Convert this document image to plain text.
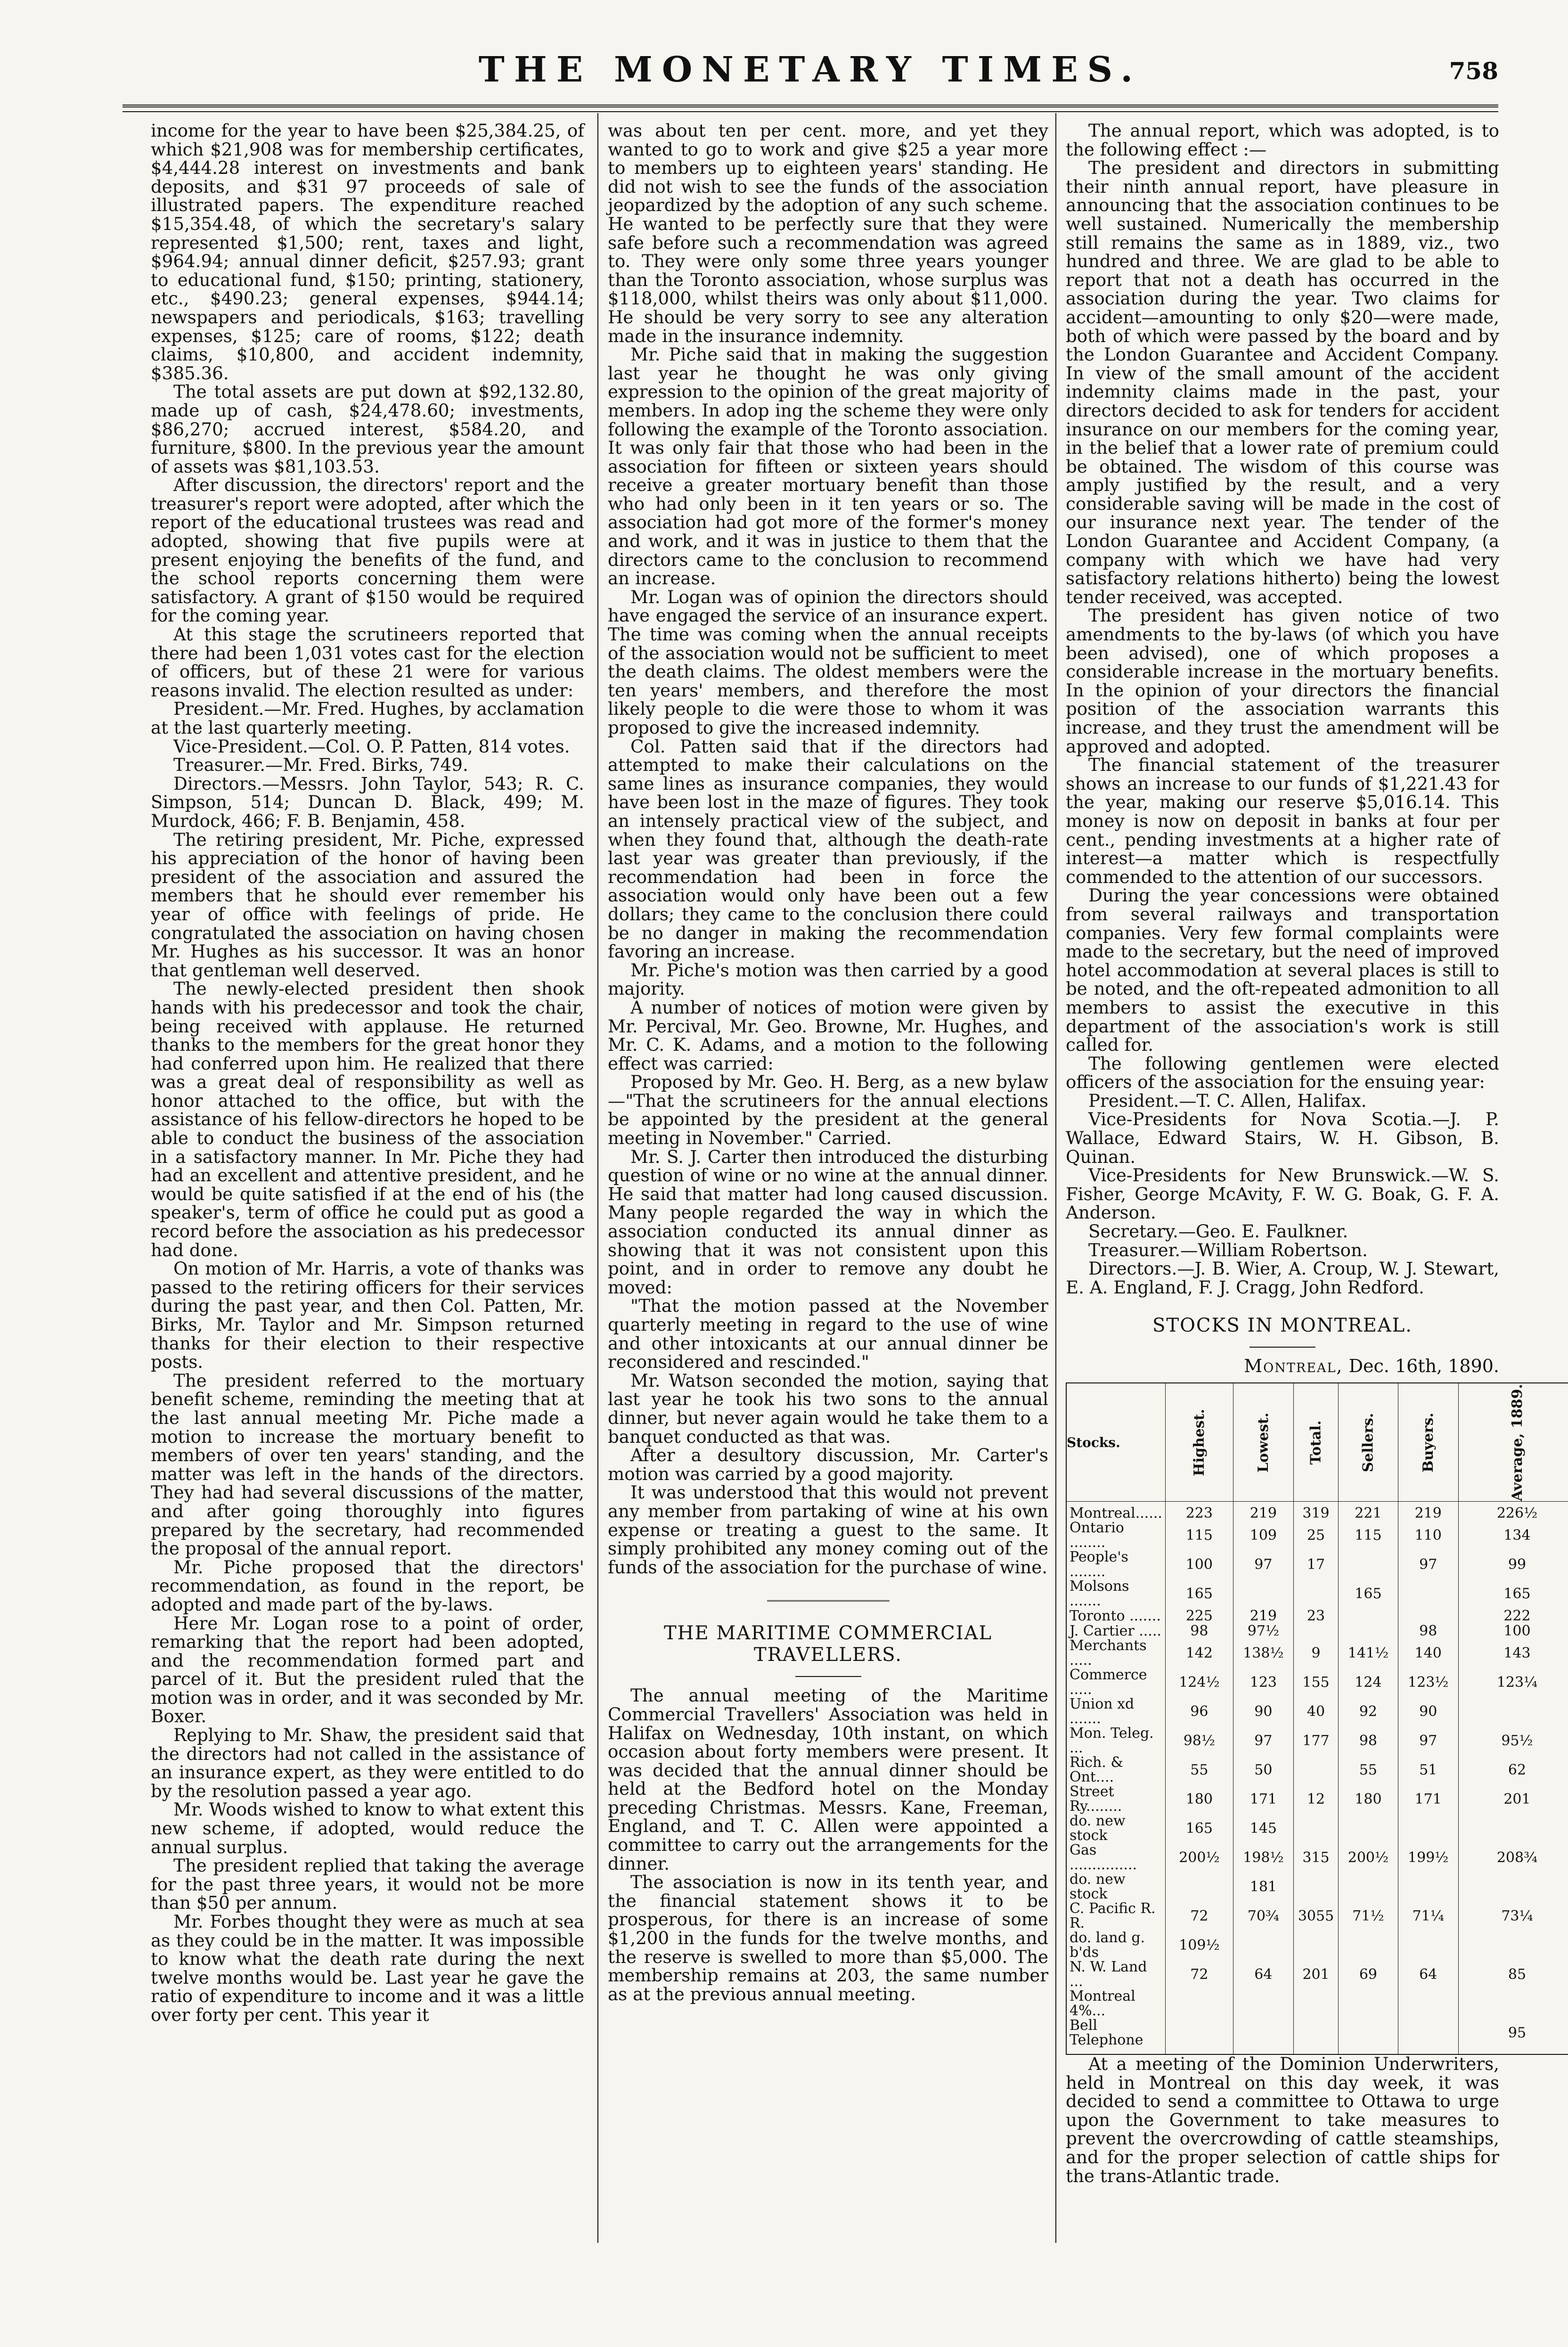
THE MONETARY TIMES.	758

income for the year to have been $25,384.25, of which $21,908 was for membership certificates, $4,444.28 interest on investments and bank deposits, and $31 97 proceeds of sale of illustrated papers. The expenditure reached $15,354.48, of which the secretary's salary represented $1,500; rent, taxes and light, $964.94; annual dinner deficit, $257.93; grant to educational fund, $150; printing, stationery, etc., $490.23; general expenses, $944.14; newspapers and periodicals, $163; travelling expenses, $125; care of rooms, $122; death claims, $10,800, and accident indemnity, $385.36.

The total assets are put down at $92,132.80, made up of cash, $24,478.60; investments, $86,270; accrued interest, $584.20, and furniture, $800. In the previous year the amount of assets was $81,103.53.

After discussion, the directors' report and the treasurer's report were adopted, after which the report of the educational trustees was read and adopted, showing that five pupils were at present enjoying the benefits of the fund, and the school reports concerning them were satisfactory. A grant of $150 would be required for the coming year.

At this stage the scrutineers reported that there had been 1,031 votes cast for the election of officers, but of these 21 were for various reasons invalid. The election resulted as under:

President.—Mr. Fred. Hughes, by acclamation at the last quarterly meeting.

Vice-President.—Col. O. P. Patten, 814 votes.

Treasurer.—Mr. Fred. Birks, 749.

Directors.—Messrs. John Taylor, 543; R. C. Simpson, 514; Duncan D. Black, 499; M. Murdock, 466; F. B. Benjamin, 458.

The retiring president, Mr. Piche, expressed his appreciation of the honor of having been president of the association and assured the members that he should ever remember his year of office with feelings of pride. He congratulated the association on having chosen Mr. Hughes as his successor. It was an honor that gentleman well deserved.

The newly-elected president then shook hands with his predecessor and took the chair, being received with applause. He returned thanks to the members for the great honor they had conferred upon him. He realized that there was a great deal of responsibility as well as honor attached to the office, but with the assistance of his fellow-directors he hoped to be able to conduct the business of the association in a satisfactory manner. In Mr. Piche they had had an excellent and attentive president, and he would be quite satisfied if at the end of his (the speaker's, term of office he could put as good a record before the association as his predecessor had done.

On motion of Mr. Harris, a vote of thanks was passed to the retiring officers for their services during the past year, and then Col. Patten, Mr. Birks, Mr. Taylor and Mr. Simpson returned thanks for their election to their respective posts.

The president referred to the mortuary benefit scheme, reminding the meeting that at the last annual meeting Mr. Piche made a motion to increase the mortuary benefit to members of over ten years' standing, and the matter was left in the hands of the directors. They had had several discussions of the matter, and after going thoroughly into figures prepared by the secretary, had recommended the proposal of the annual report.

Mr. Piche proposed that the directors' recommendation, as found in the report, be adopted and made part of the by-laws.

Here Mr. Logan rose to a point of order, remarking that the report had been adopted, and the recommendation formed part and parcel of it. But the president ruled that the motion was in order, and it was seconded by Mr. Boxer.

Replying to Mr. Shaw, the president said that the directors had not called in the assistance of an insurance expert, as they were entitled to do by the resolution passed a year ago.

Mr. Woods wished to know to what extent this new scheme, if adopted, would reduce the annual surplus.

The president replied that taking the average for the past three years, it would not be more than $50 per annum.

Mr. Forbes thought they were as much at sea as they could be in the matter. It was impossible to know what the death rate during the next twelve months would be. Last year he gave the ratio of expenditure to income and it was a little over forty per cent. This year it

was about ten per cent. more, and yet they wanted to go to work and give $25 a year more to members up to eighteen years' standing. He did not wish to see the funds of the association jeopardized by the adoption of any such scheme. He wanted to be perfectly sure that they were safe before such a recommendation was agreed to. They were only some three years younger than the Toronto association, whose surplus was $118,000, whilst theirs was only about $11,000. He should be very sorry to see any alteration made in the insurance indemnity.

Mr. Piche said that in making the suggestion last year he thought he was only giving expression to the opinion of the great majority of members. In adop ing the scheme they were only following the example of the Toronto association. It was only fair that those who had been in the association for fifteen or sixteen years should receive a greater mortuary benefit than those who had only been in it ten years or so. The association had got more of the former's money and work, and it was in justice to them that the directors came to the conclusion to recommend an increase.

Mr. Logan was of opinion the directors should have engaged the service of an insurance expert. The time was coming when the annual receipts of the association would not be sufficient to meet the death claims. The oldest members were the ten years' members, and therefore the most likely people to die were those to whom it was proposed to give the increased indemnity.

Col. Patten said that if the directors had attempted to make their calculations on the same lines as insurance companies, they would have been lost in the maze of figures. They took an intensely practical view of the subject, and when they found that, although the death-rate last year was greater than previously, if the recommendation had been in force the association would only have been out a few dollars; they came to the conclusion there could be no danger in making the recommendation favoring an increase.

Mr. Piche's motion was then carried by a good majority.

A number of notices of motion were given by Mr. Percival, Mr. Geo. Browne, Mr. Hughes, and Mr. C. K. Adams, and a motion to the following effect was carried:

Proposed by Mr. Geo. H. Berg, as a new bylaw—"That the scrutineers for the annual elections be appointed by the president at the general meeting in November." Carried.

Mr. S. J. Carter then introduced the disturbing question of wine or no wine at the annual dinner. He said that matter had long caused discussion. Many people regarded the way in which the association conducted its annual dinner as showing that it was not consistent upon this point, and in order to remove any doubt he moved:

"That the motion passed at the November quarterly meeting in regard to the use of wine and other intoxicants at our annual dinner be reconsidered and rescinded."

Mr. Watson seconded the motion, saying that last year he took his two sons to the annual dinner, but never again would he take them to a banquet conducted as that was.

After a desultory discussion, Mr. Carter's motion was carried by a good majority.

It was understood that this would not prevent any member from partaking of wine at his own expense or treating a guest to the same. It simply prohibited any money coming out of the funds of the association for the purchase of wine.

THE MARITIME COMMERCIAL
TRAVELLERS.

The annual meeting of the Maritime Commercial Travellers' Association was held in Halifax on Wednesday, 10th instant, on which occasion about forty members were present. It was decided that the annual dinner should be held at the Bedford hotel on the Monday preceding Christmas. Messrs. Kane, Freeman, England, and T. C. Allen were appointed a committee to carry out the arrangements for the dinner.

The association is now in its tenth year, and the financial statement shows it to be prosperous, for there is an increase of some $1,200 in the funds for the twelve months, and the reserve is swelled to more than $5,000. The membership remains at 203, the same number as at the previous annual meeting.

The annual report, which was adopted, is to the following effect :—

The president and directors in submitting their ninth annual report, have pleasure in announcing that the association continues to be well sustained. Numerically the membership still remains the same as in 1889, viz., two hundred and three. We are glad to be able to report that not a death has occurred in the association during the year. Two claims for accident—amounting to only $20—were made, both of which were passed by the board and by the London Guarantee and Accident Company. In view of the small amount of the accident indemnity claims made in the past, your directors decided to ask for tenders for accident insurance on our members for the coming year, in the belief that a lower rate of premium could be obtained. The wisdom of this course was amply justified by the result, and a very considerable saving will be made in the cost of our insurance next year. The tender of the London Guarantee and Accident Company, (a company with which we have had very satisfactory relations hitherto) being the lowest tender received, was accepted.

The president has given notice of two amendments to the by-laws (of which you have been advised), one of which proposes a considerable increase in the mortuary benefits. In the opinion of your directors the financial position of the association warrants this increase, and they trust the amendment will be approved and adopted.

The financial statement of the treasurer shows an increase to our funds of $1,221.43 for the year, making our reserve $5,016.14. This money is now on deposit in banks at four per cent., pending investments at a higher rate of interest—a matter which is respectfully commended to the attention of our successors.

During the year concessions were obtained from several railways and transportation companies. Very few formal complaints were made to the secretary, but the need of improved hotel accommodation at several places is still to be noted, and the oft-repeated admonition to all members to assist the executive in this department of the association's work is still called for.

The following gentlemen were elected officers of the association for the ensuing year:

President.—T. C. Allen, Halifax.

Vice-Presidents for Nova Scotia.—J. P. Wallace, Edward Stairs, W. H. Gibson, B. Quinan.

Vice-Presidents for New Brunswick.—W. S. Fisher, George McAvity, F. W. G. Boak, G. F. A. Anderson.

Secretary.—Geo. E. Faulkner.

Treasurer.—William Robertson.

Directors.—J. B. Wier, A. Croup, W. J. Stewart, E. A. England, F. J. Cragg, John Redford.

STOCKS IN MONTREAL.
Montreal, Dec. 16th, 1890.
Stocks.	Highest.	Lowest.	Total.	Sellers.	Buyers.	Average, 1889.
Montreal......	223	219	319	221	219	226½
Ontario ........	115	109	25	115	110	134
People's ........	100	97	17		97	99
Molsons .......	165			165		165
Toronto .......	225	219	23			222
J. Cartier .....	98	97½			98	100
Merchants .....	142	138½	9	141½	140	143
Commerce .....	124½	123	155	124	123½	123¼
Union xd .......	96	90	40	92	90	
Mon. Teleg. ...	98½	97	177	98	97	95½
Rich. & Ont....	55	50		55	51	62
Street Ry........	180	171	12	180	171	201
do. new stock	165	145				
Gas ...............	200½	198½	315	200½	199½	208¾
do. new stock		181				
C. Pacific R. R.	72	70¾	3055	71½	71¼	73¼
do. land g. b'ds	109½					
N. W. Land ...	72	64	201	69	64	85
Montreal 4%...						
Bell Telephone						95

At a meeting of the Dominion Underwriters, held in Montreal on this day week, it was decided to send a committee to Ottawa to urge upon the Government to take measures to prevent the overcrowding of cattle steamships, and for the proper selection of cattle ships for the trans-Atlantic trade.
